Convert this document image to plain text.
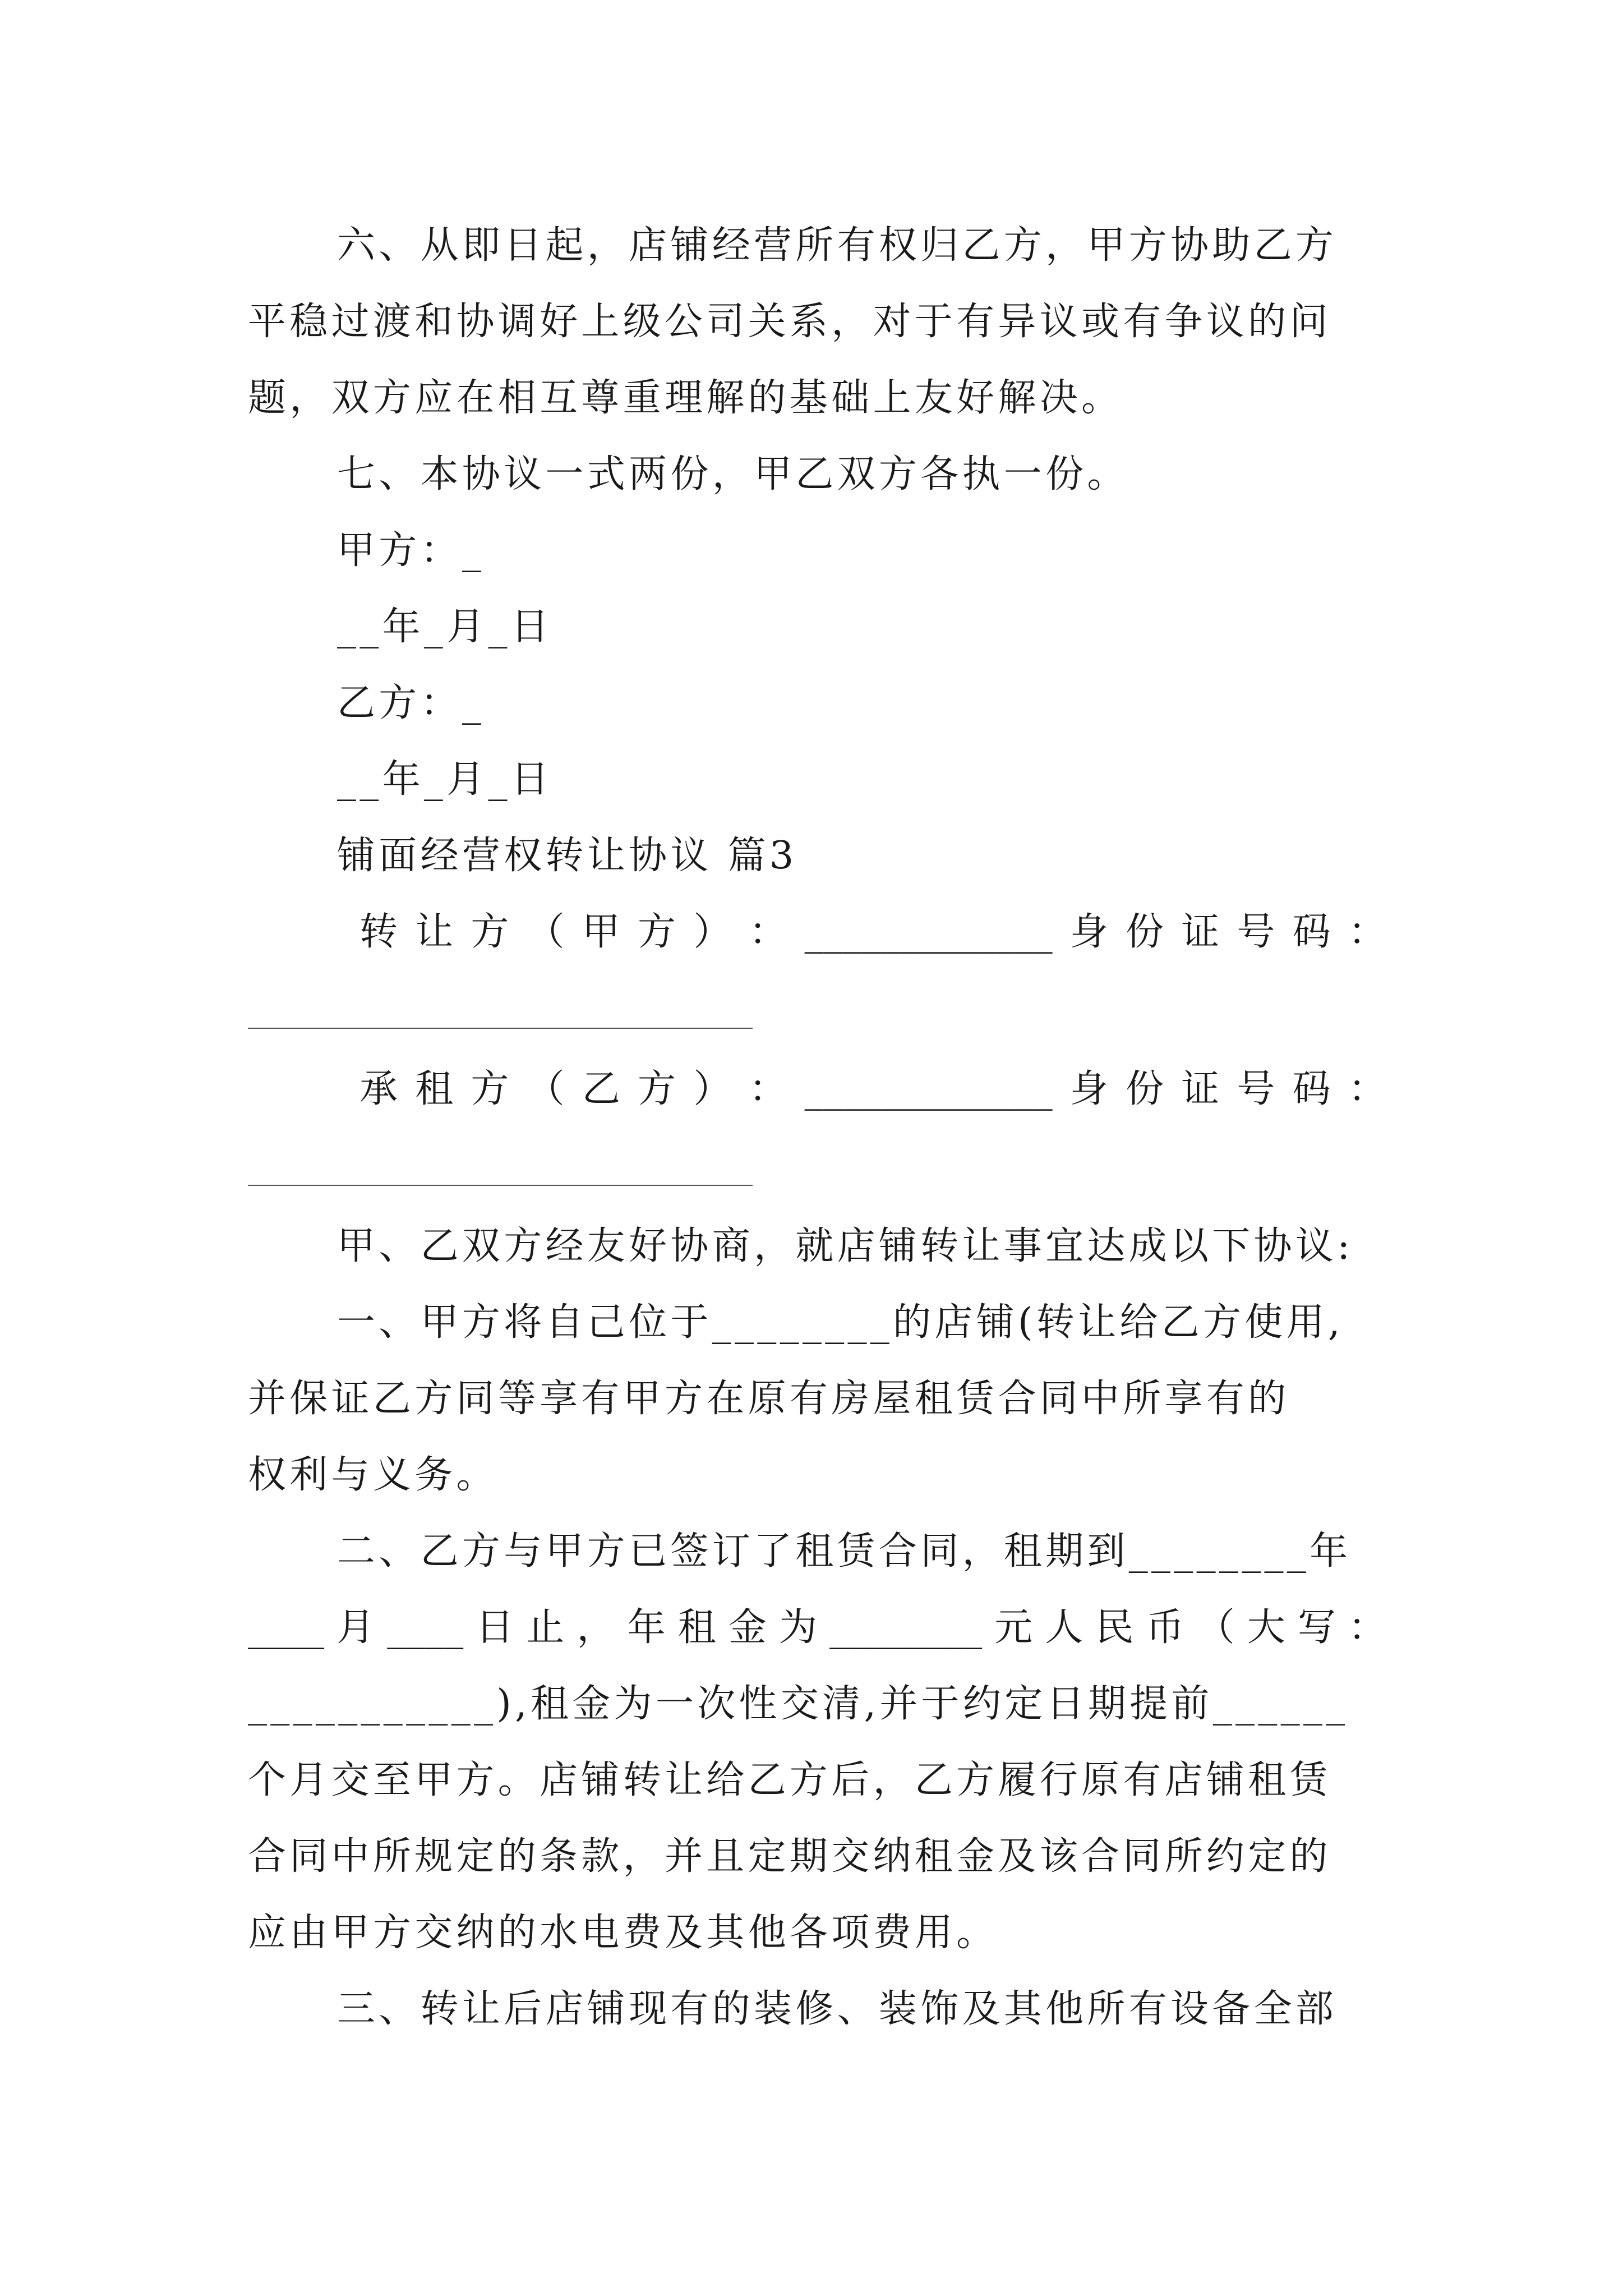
六、从即日起，店铺经营所有权归乙方，甲方协助乙方
平稳过渡和协调好上级公司关系，对于有异议或有争议的问
题，双方应在相互尊重理解的基础上友好解决。
七、本协议一式两份，甲乙双方各执一份。
甲方：_
__年_月_日
乙方：_
__年_月_日
铺面经营权转让协议 篇3
转 让 方 （ 甲 方 ） ： _____________ 身 份 证 号 码 ：
承 租 方 （ 乙 方 ） ： _____________ 身 份 证 号 码 ：
甲、乙双方经友好协商，就店铺转让事宜达成以下协议:
一、甲方将自己位于________的店铺(转让给乙方使用,
并保证乙方同等享有甲方在原有房屋租赁合同中所享有的
权利与义务。
二、乙方与甲方已签订了租赁合同，租期到________年
____ 月 ____ 日 止 ， 年 租 金 为 ________ 元 人 民 币 （ 大 写 ：
___________),租金为一次性交清,并于约定日期提前______
个月交至甲方。店铺转让给乙方后，乙方履行原有店铺租赁
合同中所规定的条款，并且定期交纳租金及该合同所约定的
应由甲方交纳的水电费及其他各项费用。
三、转让后店铺现有的装修、装饰及其他所有设备全部
